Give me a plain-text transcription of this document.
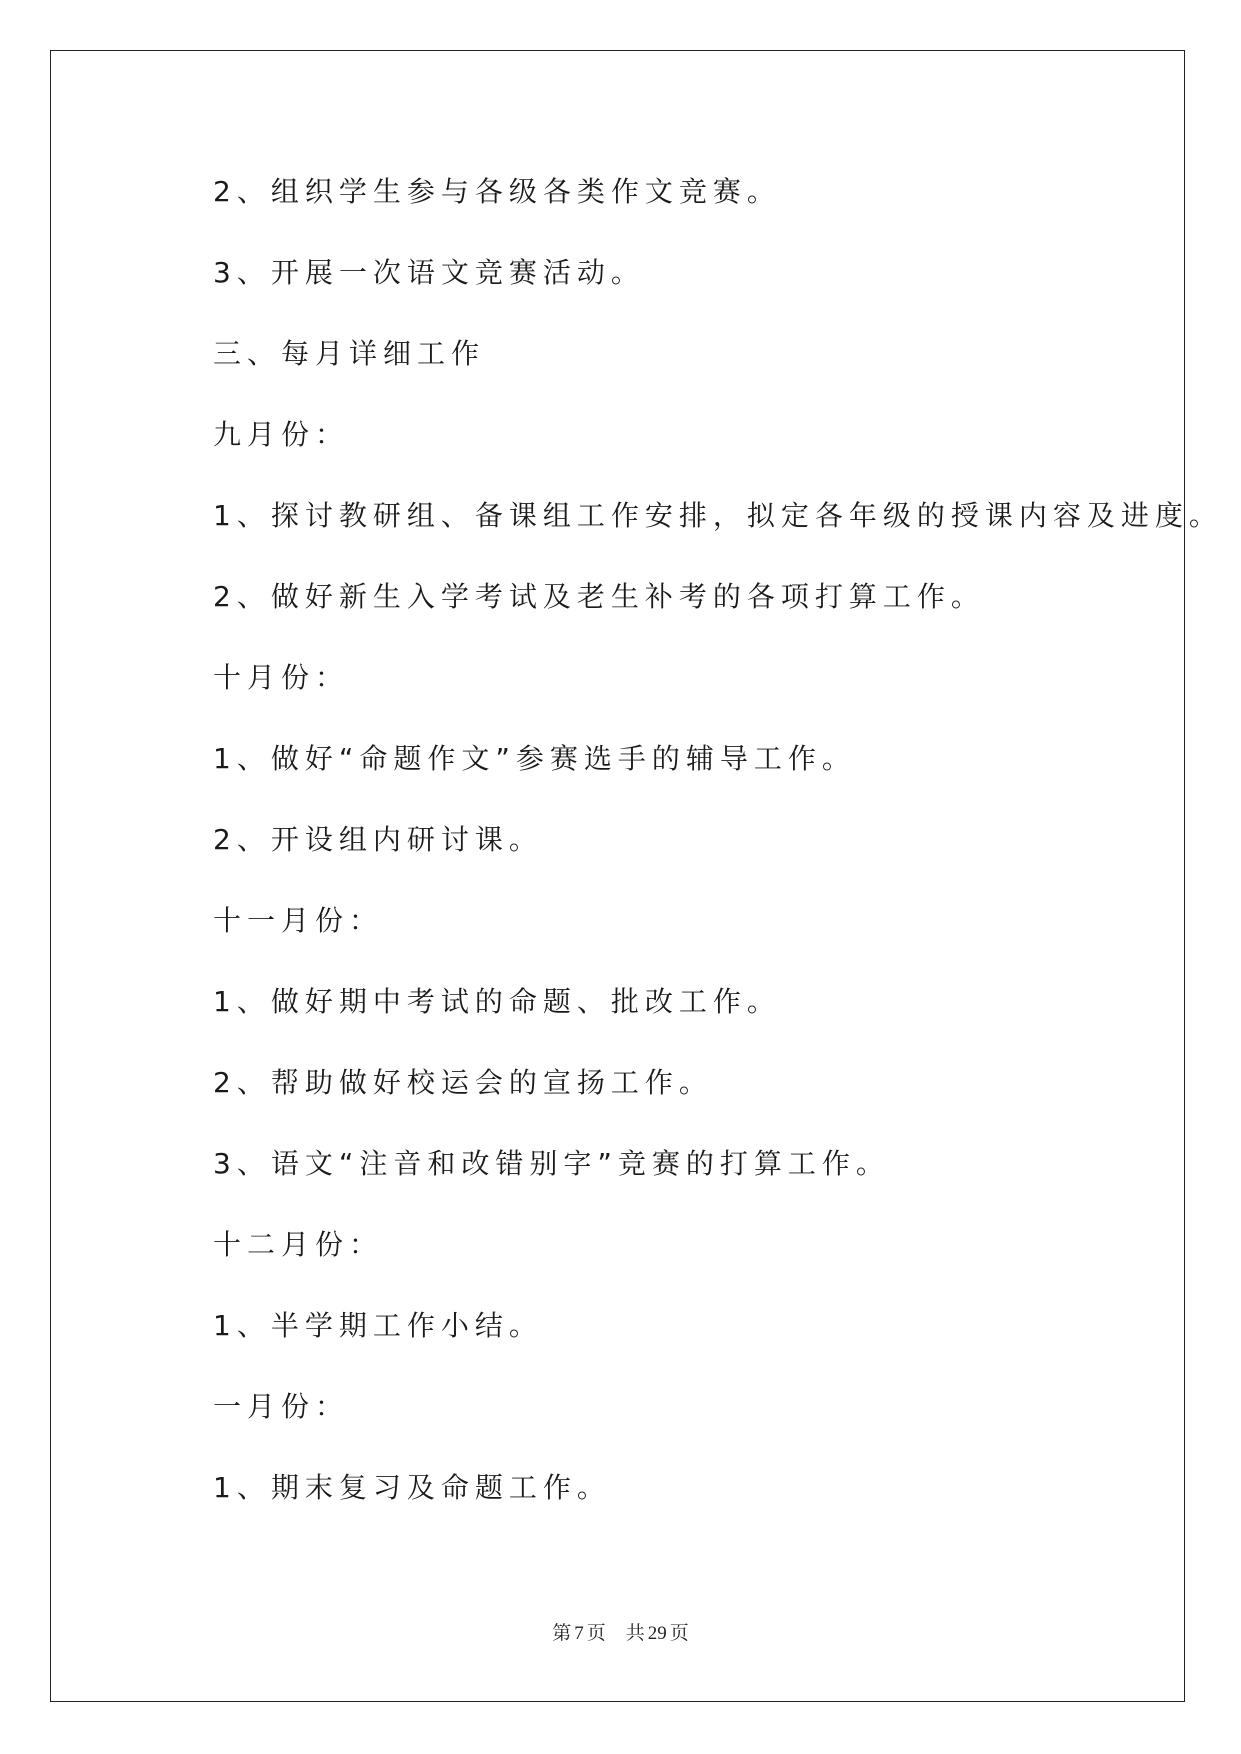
2、组织学生参与各级各类作文竞赛。
3、开展一次语文竞赛活动。
三、每月详细工作
九月份：
1、探讨教研组、备课组工作安排，拟定各年级的授课内容及进度。
2、做好新生入学考试及老生补考的各项打算工作。
十月份：
1、做好“命题作文”参赛选手的辅导工作。
2、开设组内研讨课。
十一月份：
1、做好期中考试的命题、批改工作。
2、帮助做好校运会的宣扬工作。
3、语文“注音和改错别字”竞赛的打算工作。
十二月份：
1、半学期工作小结。
一月份：
1、期末复习及命题工作。
第 7 页 共 29 页
